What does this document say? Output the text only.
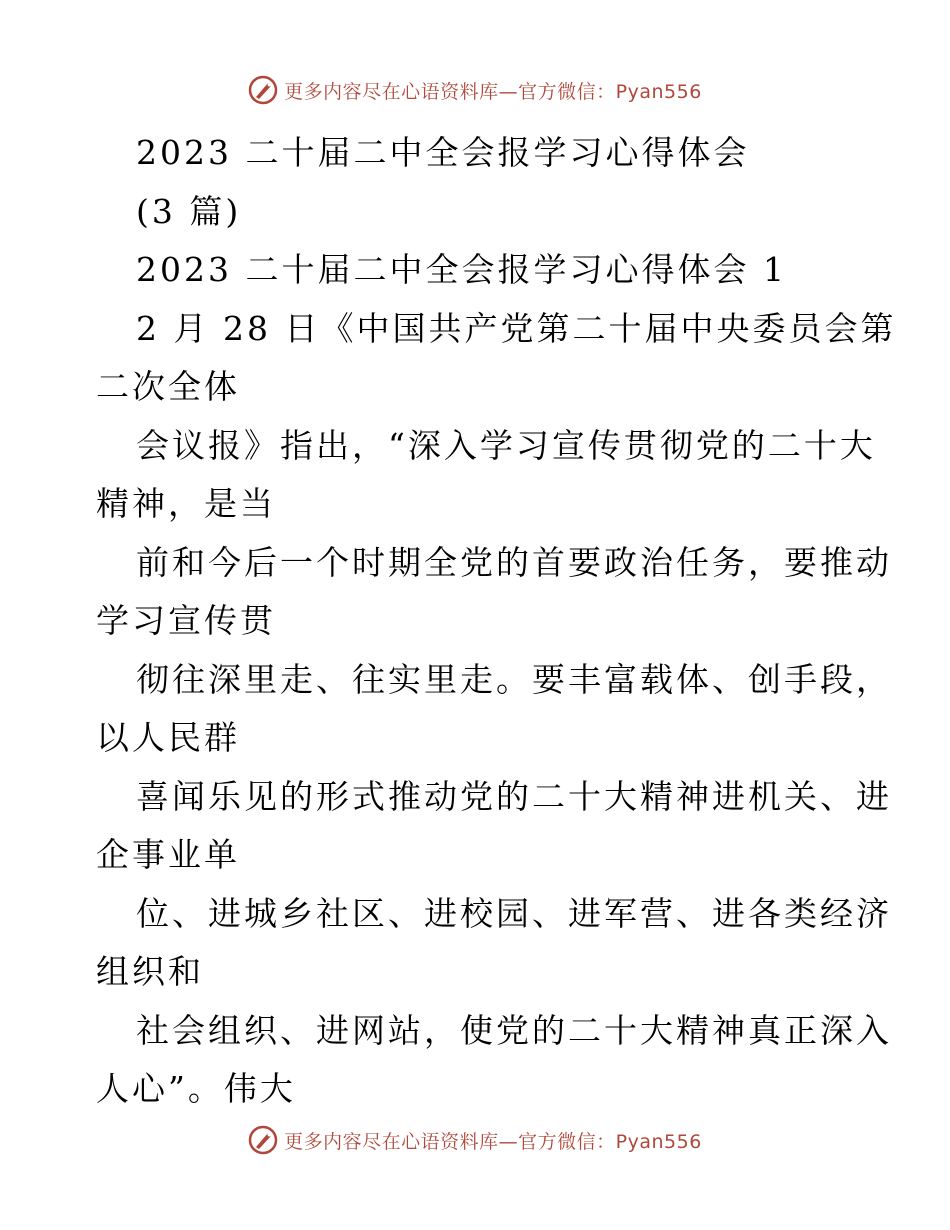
更多内容尽在心语资料库—官方微信：Pyan556
2023 二十届二中全会报学习心得体会
(3 篇)
2023 二十届二中全会报学习心得体会 1
2 月 28 日《中国共产党第二十届中央委员会第
二次全体
会议报》指出，“深入学习宣传贯彻党的二十大
精神，是当
前和今后一个时期全党的首要政治任务，要推动
学习宣传贯
彻往深里走、往实里走。要丰富载体、创手段，
以人民群
喜闻乐见的形式推动党的二十大精神进机关、进
企事业单
位、进城乡社区、进校园、进军营、进各类经济
组织和
社会组织、进网站，使党的二十大精神真正深入
人心”。伟大
更多内容尽在心语资料库—官方微信：Pyan556
